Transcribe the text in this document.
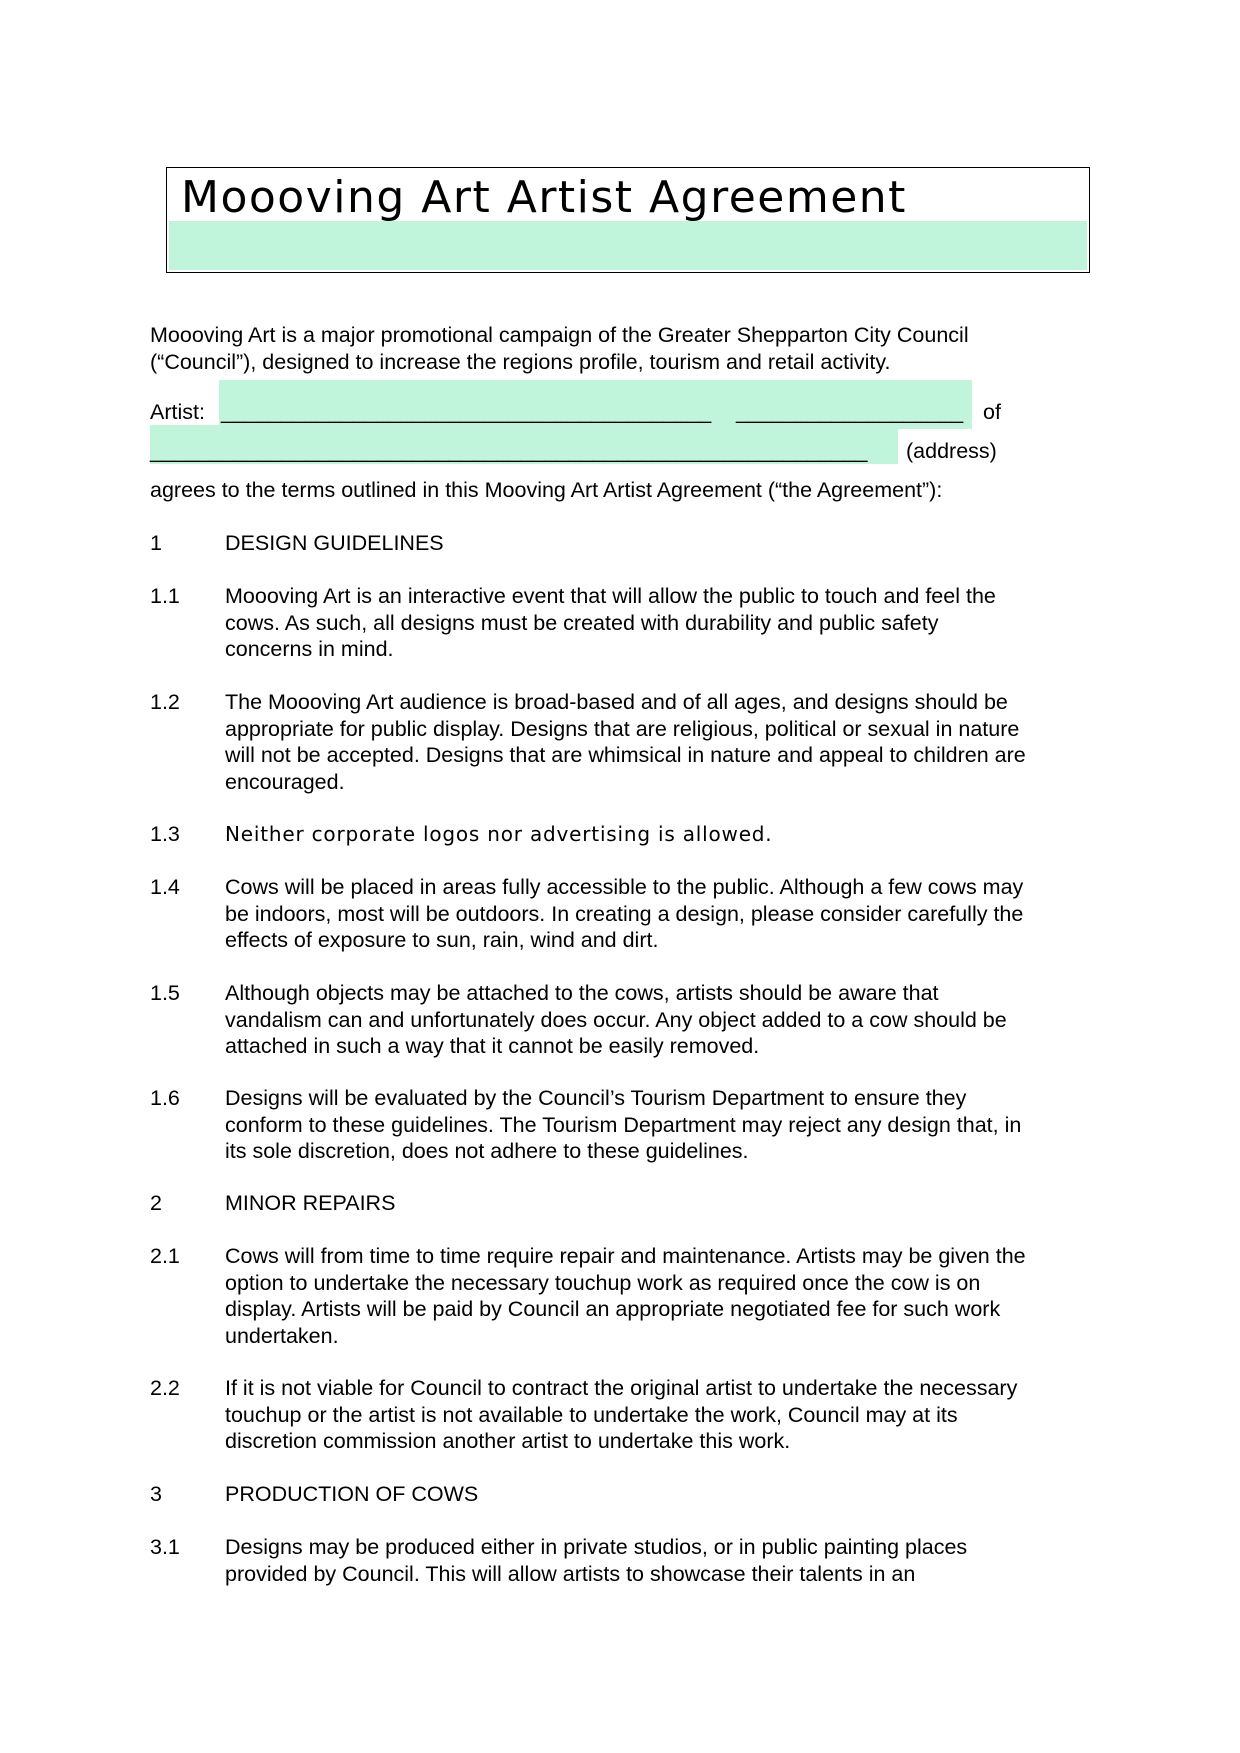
Moooving Art Artist Agreement
Moooving Art is a major promotional campaign of the Greater Shepparton City Council
(“Council”), designed to increase the regions profile, tourism and retail activity.
Artist: _________________________________________ ___________________ of
____________________________________________________________ (address)
agrees to the terms outlined in this Mooving Art Artist Agreement (“the Agreement”):
1	DESIGN GUIDELINES
1.1 Moooving Art is an interactive event that will allow the public to touch and feel the
cows. As such, all designs must be created with durability and public safety
concerns in mind.
1.2 The Moooving Art audience is broad-based and of all ages, and designs should be
appropriate for public display. Designs that are religious, political or sexual in nature
will not be accepted. Designs that are whimsical in nature and appeal to children are
encouraged.
1.3 Neither corporate logos nor advertising is allowed.
1.4 Cows will be placed in areas fully accessible to the public. Although a few cows may
be indoors, most will be outdoors. In creating a design, please consider carefully the
effects of exposure to sun, rain, wind and dirt.
1.5 Although objects may be attached to the cows, artists should be aware that
vandalism can and unfortunately does occur. Any object added to a cow should be
attached in such a way that it cannot be easily removed.
1.6 Designs will be evaluated by the Council’s Tourism Department to ensure they
conform to these guidelines. The Tourism Department may reject any design that, in
its sole discretion, does not adhere to these guidelines.
2	MINOR REPAIRS
2.1 Cows will from time to time require repair and maintenance. Artists may be given the
option to undertake the necessary touchup work as required once the cow is on
display. Artists will be paid by Council an appropriate negotiated fee for such work
undertaken.
2.2 If it is not viable for Council to contract the original artist to undertake the necessary
touchup or the artist is not available to undertake the work, Council may at its
discretion commission another artist to undertake this work.
3	PRODUCTION OF COWS
3.1 Designs may be produced either in private studios, or in public painting places
provided by Council. This will allow artists to showcase their talents in an
